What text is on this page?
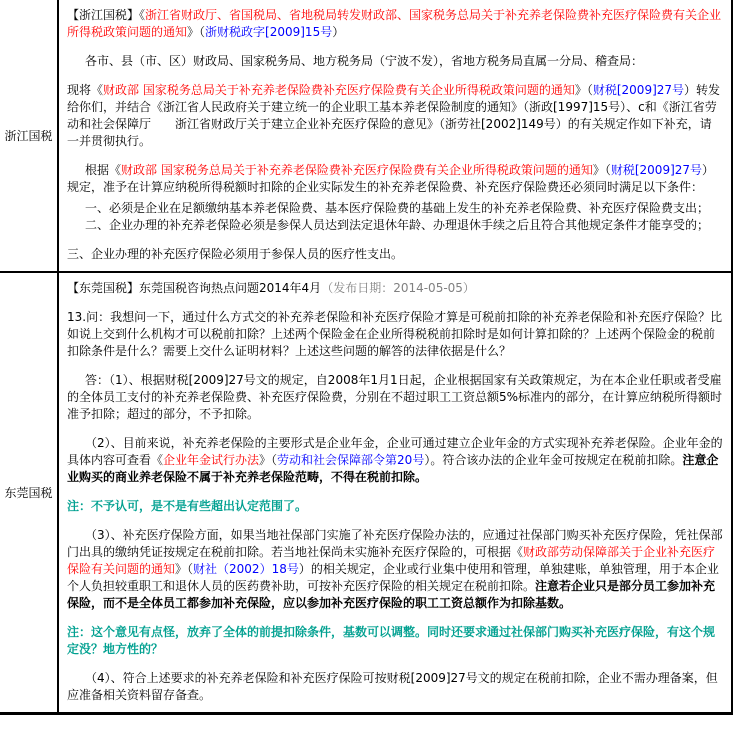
浙江国税	
【浙江国税】《浙江省财政厅、省国税局、省地税局转发财政部、国家税务总局关于补充养老保险费补充医疗保险费有关企业所得税政策问题的通知》（浙财税政字[2009]15号）
各市、县（市、区）财政局、国家税务局、地方税务局（宁波不发），省地方税务局直属一分局、稽查局：
现将《财政部 国家税务总局关于补充养老保险费补充医疗保险费有关企业所得税政策问题的通知》（财税[2009]27号）转发给你们，并结合《浙江省人民政府关于建立统一的企业职工基本养老保险制度的通知》（浙政[1997]15号）、c和《浙江省劳动和社会保障厅　　浙江省财政厅关于建立企业补充医疗保险的意见》（浙劳社[2002]149号）的有关规定作如下补充，请一并贯彻执行。
根据《财政部 国家税务总局关于补充养老保险费补充医疗保险费有关企业所得税政策问题的通知》（财税[2009]27号）规定，准予在计算应纳税所得税额时扣除的企业实际发生的补充养老保险费、补充医疗保险费还必须同时满足以下条件：
一、必须是企业在足额缴纳基本养老保险费、基本医疗保险费的基础上发生的补充养老保险费、补充医疗保险费支出；
二、企业办理的补充养老保险必须是参保人员达到法定退休年龄、办理退休手续之后且符合其他规定条件才能享受的；
三、企业办理的补充医疗保险必须用于参保人员的医疗性支出。

东莞国税	
【东莞国税】东莞国税咨询热点问题2014年4月（发布日期：2014-05-05）
13.问：我想问一下，通过什么方式交的补充养老保险和补充医疗保险才算是可税前扣除的补充养老保险和补充医疗保险？比如说上交到什么机构才可以税前扣除？上述两个保险金在企业所得税税前扣除时是如何计算扣除的？上述两个保险金的税前扣除条件是什么？需要上交什么证明材料？上述这些问题的解答的法律依据是什么？
答：（1）、根据财税[2009]27号文的规定，自2008年1月1日起，企业根据国家有关政策规定，为在本企业任职或者受雇的全体员工支付的补充养老保险费、补充医疗保险费，分别在不超过职工工资总额5%标准内的部分，在计算应纳税所得额时准予扣除；超过的部分，不予扣除。
（2）、目前来说，补充养老保险的主要形式是企业年金，企业可通过建立企业年金的方式实现补充养老保险。企业年金的具体内容可查看《企业年金试行办法》（劳动和社会保障部令第20号）。符合该办法的企业年金可按规定在税前扣除。注意企业购买的商业养老保险不属于补充养老保险范畴，不得在税前扣除。
注：不予认可，是不是有些超出认定范围了。
（3）、补充医疗保险方面，如果当地社保部门实施了补充医疗保险办法的，应通过社保部门购买补充医疗保险，凭社保部门出具的缴纳凭证按规定在税前扣除。若当地社保尚未实施补充医疗保险的，可根据《财政部劳动保障部关于企业补充医疗保险有关问题的通知》（财社（2002）18号）的相关规定，企业或行业集中使用和管理，单独建账，单独管理，用于本企业个人负担较重职工和退休人员的医药费补助，可按补充医疗保险的相关规定在税前扣除。注意若企业只是部分员工参加补充保险，而不是全体员工都参加补充保险，应以参加补充医疗保险的职工工资总额作为扣除基数。
注：这个意见有点怪，放弃了全体的前提扣除条件，基数可以调整。同时还要求通过社保部门购买补充医疗保险，有这个规定没？地方性的？
（4）、符合上述要求的补充养老保险和补充医疗保险可按财税[2009]27号文的规定在税前扣除，企业不需办理备案，但应准备相关资料留存备查。
